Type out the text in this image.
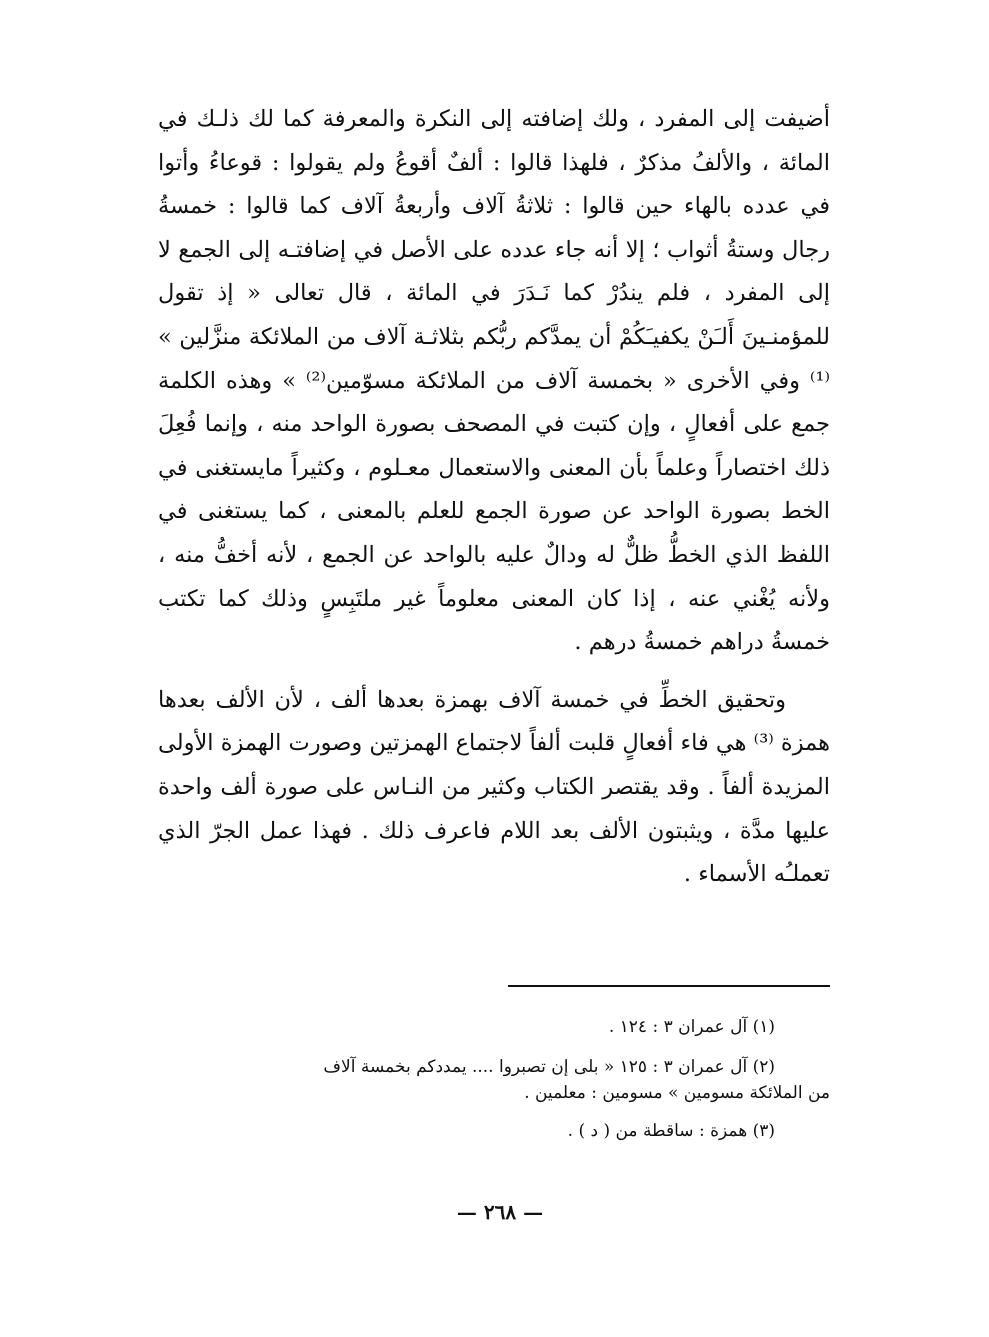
أضيفت إلى المفرد ، ولك إضافته إلى النكرة والمعرفة كما لك ذلـك في المائة ، والألفُ مذكرٌ ، فلهذا قالوا : ألفٌ أقوعُ ولم يقولوا : قوعاءُ وأتوا في عدده بالهاء حين قالوا : ثلاثةُ آلاف وأربعةُ آلاف كما قالوا : خمسةُ رجال وستةُ أثواب ؛ إلا أنه جاء عدده على الأصل في إضافتـه إلى الجمع لا إلى المفرد ، فلم يندُرْ كما نَـدَرَ في المائة ، قال تعالى « إذ تقول للمؤمنـينَ أَلـَنْ يكفيـَكُمْ أن يمدَّكم ربُّكم بثلاثـة آلاف من الملائكة منزَّلين » ⁽¹⁾ وفي الأخرى « بخمسة آلاف من الملائكة مسوّمين⁽²⁾ » وهذه الكلمة جمع على أفعالٍ ، وإن كتبت في المصحف بصورة الواحد منه ، وإنما فُعِلَ ذلك اختصاراً وعلماً بأن المعنى والاستعمال معـلوم ، وكثيراً مايستغنى في الخط بصورة الواحد عن صورة الجمع للعلم بالمعنى ، كما يستغنى في اللفظ الذي الخطُّ ظلٌّ له ودالٌ عليه بالواحد عن الجمع ، لأنه أخفُّ منه ، ولأنه يُغْني عنه ، إذا كان المعنى معلوماً غير ملتَبِسٍ وذلك كما تكتب خمسةُ دراهم خمسةُ درهم .

وتحقيق الخطِّ في خمسة آلاف بهمزة بعدها ألف ، لأن الألف بعدها همزة ⁽³⁾ هي فاء أفعالٍ قلبت ألفاً لاجتماع الهمزتين وصورت الهمزة الأولى المزيدة ألفاً . وقد يقتصر الكتاب وكثير من النـاس على صورة ألف واحدة عليها مدَّة ، ويثبتون الألف بعد اللام فاعرف ذلك . فهذا عمل الجرّ الذي تعملـُه الأسماء .

(١) آل عمران ٣ : ١٢٤ .

(٢) آل عمران ٣ : ١٢٥ « بلى إن تصبروا .... يمددكم بخمسة آلاف
من الملائكة مسومين » مسومين : معلمين .

(٣) همزة : ساقطة من ( د ) .

— ٢٦٨ —
